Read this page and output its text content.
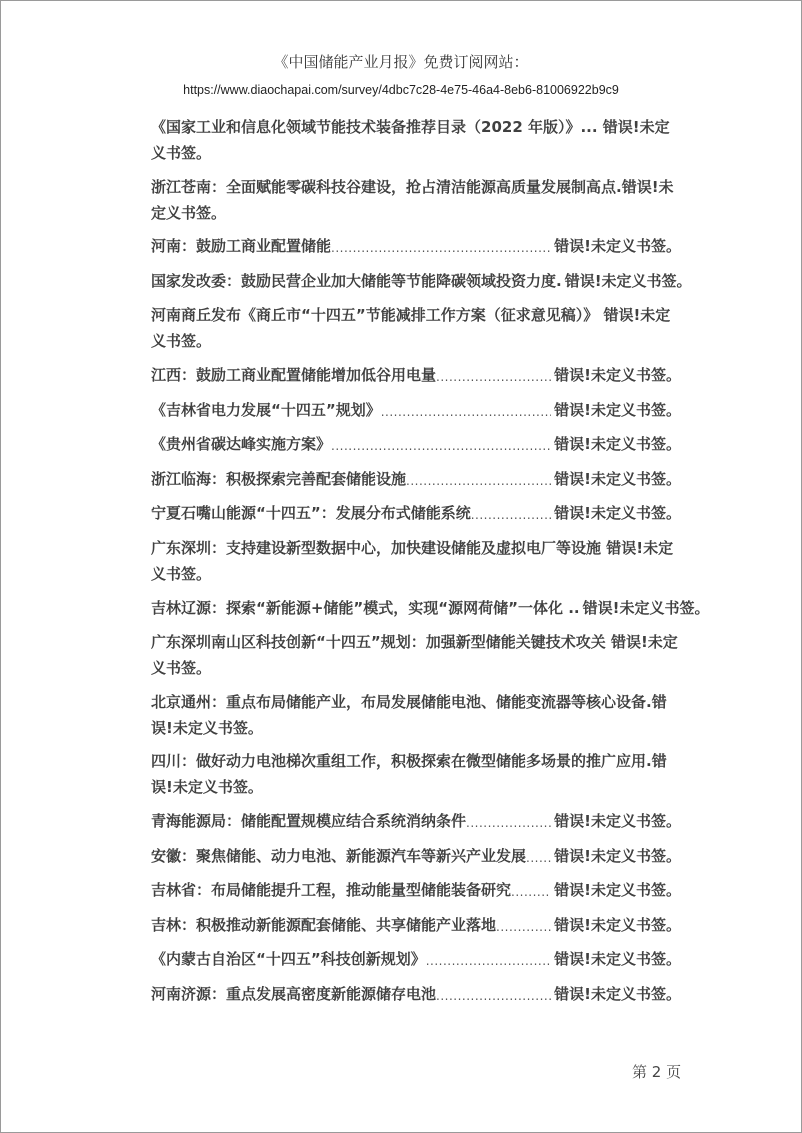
《中国储能产业月报》免费订阅网站：
https://www.diaochapai.com/survey/4dbc7c28-4e75-46a4-8eb6-81006922b9c9
《国家工业和信息化领域节能技术装备推荐目录（2022 年版）》... 错误!未定义书签。
浙江苍南：全面赋能零碳科技谷建设，抢占清洁能源高质量发展制高点.错误!未定义书签。
河南：鼓励工商业配置储能 .....	错误!未定义书签。
国家发改委：鼓励民营企业加大储能等节能降碳领域投资力度. 错误!未定义书签。
河南商丘发布《商丘市“十四五”节能减排工作方案（征求意见稿）》 错误!未定义书签。
江西：鼓励工商业配置储能增加低谷用电量 .....	错误!未定义书签。
《吉林省电力发展“十四五”规划》 .....	错误!未定义书签。
《贵州省碳达峰实施方案》 .....	错误!未定义书签。
浙江临海：积极探索完善配套储能设施 .....	错误!未定义书签。
宁夏石嘴山能源“十四五”：发展分布式储能系统 .....	错误!未定义书签。
广东深圳：支持建设新型数据中心，加快建设储能及虚拟电厂等设施 错误!未定义书签。
吉林辽源：探索“新能源+储能”模式，实现“源网荷储”一体化 .. 错误!未定义书签。
广东深圳南山区科技创新“十四五”规划：加强新型储能关键技术攻关 错误!未定义书签。
北京通州：重点布局储能产业，布局发展储能电池、储能变流器等核心设备.错误!未定义书签。
四川：做好动力电池梯次重组工作，积极探索在微型储能多场景的推广应用.错误!未定义书签。
青海能源局：储能配置规模应结合系统消纳条件 .....	错误!未定义书签。
安徽：聚焦储能、动力电池、新能源汽车等新兴产业发展 ..... 错误!未定义书签。
吉林省：布局储能提升工程，推动能量型储能装备研究 .....	错误!未定义书签。
吉林：积极推动新能源配套储能、共享储能产业落地 .....	错误!未定义书签。
《内蒙古自治区“十四五”科技创新规划》 .....	错误!未定义书签。
河南济源：重点发展高密度新能源储存电池 .....	错误!未定义书签。
第 2 页
